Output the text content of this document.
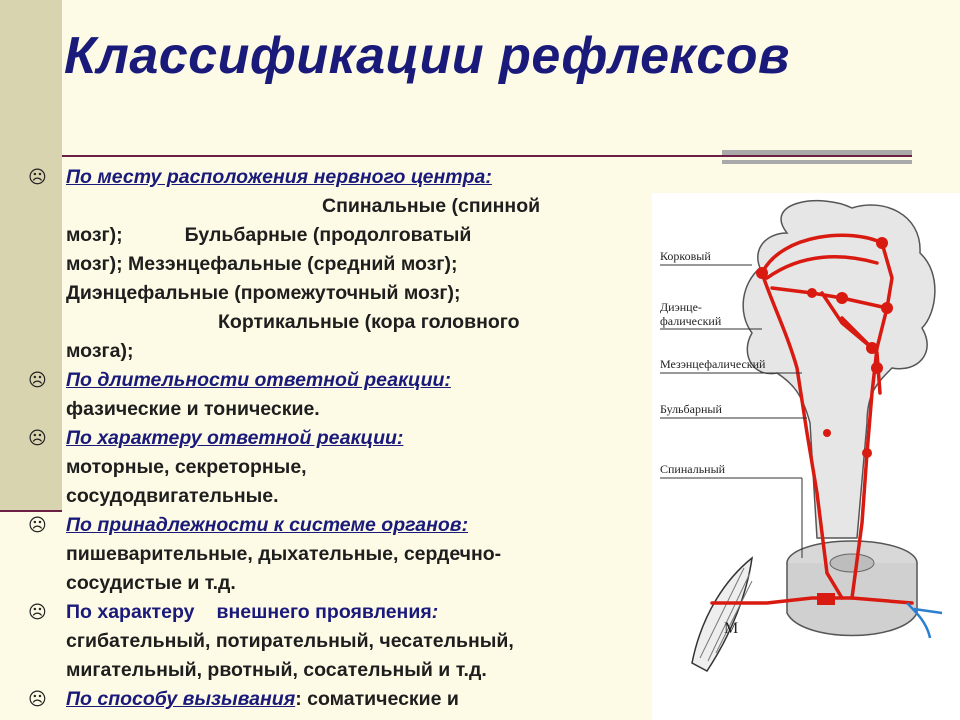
Классификации рефлексов
☹ По месту расположения нервного центра:
Спинальные (спинной
мозг);	Бульбарные (продолговатый
мозг); Мезэнцефальные (средний мозг);
Диэнцефальные (промежуточный мозг);
Кортикальные (кора головного
мозга);
☹ По длительности ответной реакции:
фазические и тонические.
☹ По характеру ответной реакции:
моторные, секреторные,
сосудодвигательные.
☹ По принадлежности к системе органов:
пишеварительные, дыхательные, сердечно-
сосудистые и т.д.
☹ По характеру внешнего проявления:
сгибательный, потирательный, чесательный,
мигательный, рвотный, сосательный и т.д.
☹ По способу вызывания: соматические и
Корковый
Диэнце-
фалический
Мезэнцефалический
Бульбарный
Спинальный
М
